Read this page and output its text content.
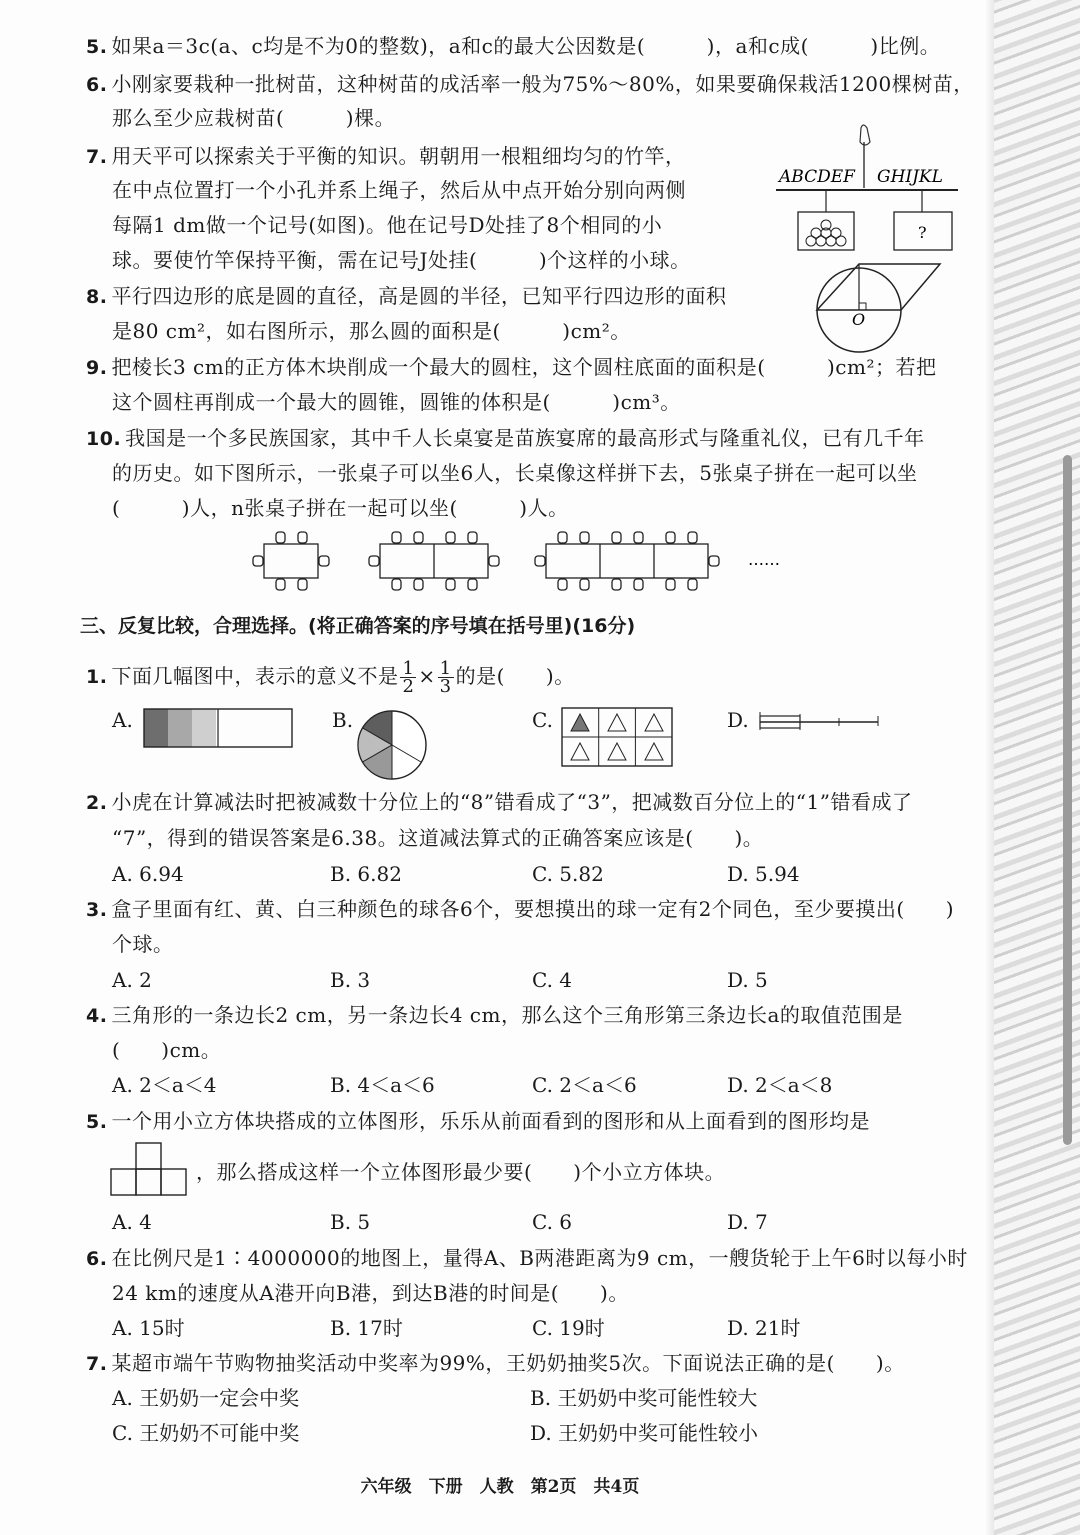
5. 如果a＝3c(a、c均是不为0的整数)，a和c的最大公因数是(　　　)，a和c成(　　　)比例。
6. 小刚家要栽种一批树苗，这种树苗的成活率一般为75%～80%，如果要确保栽活1200棵树苗，
那么至少应栽树苗(　　　)棵。
7. 用天平可以探索关于平衡的知识。朝朝用一根粗细均匀的竹竿，
在中点位置打一个小孔并系上绳子，然后从中点开始分别向两侧
每隔1 dm做一个记号(如图)。他在记号D处挂了8个相同的小
球。要使竹竿保持平衡，需在记号J处挂(　　　)个这样的小球。
ABCDEF GHIJKL
?
8. 平行四边形的底是圆的直径，高是圆的半径，已知平行四边形的面积
是80 cm²，如右图所示，那么圆的面积是(　　　)cm²。	O
9. 把棱长3 cm的正方体木块削成一个最大的圆柱，这个圆柱底面的面积是(　　　)cm²；若把
这个圆柱再削成一个最大的圆锥，圆锥的体积是(　　　)cm³。
10. 我国是一个多民族国家，其中千人长桌宴是苗族宴席的最高形式与隆重礼仪，已有几千年
的历史。如下图所示，一张桌子可以坐6人，长桌像这样拼下去，5张桌子拼在一起可以坐
(　　　)人，n张桌子拼在一起可以坐(　　　)人。
……
三、反复比较，合理选择。(将正确答案的序号填在括号里)(16分)
1. 下面几幅图中，表示的意义不是 $\frac{1}{2} \times \frac{1}{3}$ 的是(　　)。
A.	B.	C.	D.
2. 小虎在计算减法时把被减数十分位上的“8”错看成了“3”，把减数百分位上的“1”错看成了
“7”，得到的错误答案是6.38。这道减法算式的正确答案应该是(　　)。
A. 6.94	B. 6.82	C. 5.82	D. 5.94
3. 盒子里面有红、黄、白三种颜色的球各6个，要想摸出的球一定有2个同色，至少要摸出(　　)
个球。
A. 2	B. 3	C. 4	D. 5
4. 三角形的一条边长2 cm，另一条边长4 cm，那么这个三角形第三条边长a的取值范围是
(　　)cm。
A. 2＜a＜4	B. 4＜a＜6	C. 2＜a＜6	D. 2＜a＜8
5. 一个用小立方体块搭成的立体图形，乐乐从前面看到的图形和从上面看到的图形均是
，那么搭成这样一个立体图形最少要(　　)个小立方体块。
A. 4	B. 5	C. 6	D. 7
6. 在比例尺是1∶4000000的地图上，量得A、B两港距离为9 cm，一艘货轮于上午6时以每小时
24 km的速度从A港开向B港，到达B港的时间是(　　)。
A. 15时	B. 17时	C. 19时	D. 21时
7. 某超市端午节购物抽奖活动中奖率为99%，王奶奶抽奖5次。下面说法正确的是(　　)。
A. 王奶奶一定会中奖	B. 王奶奶中奖可能性较大
C. 王奶奶不可能中奖	D. 王奶奶中奖可能性较小
六年级　下册　人教　第2页　共4页
